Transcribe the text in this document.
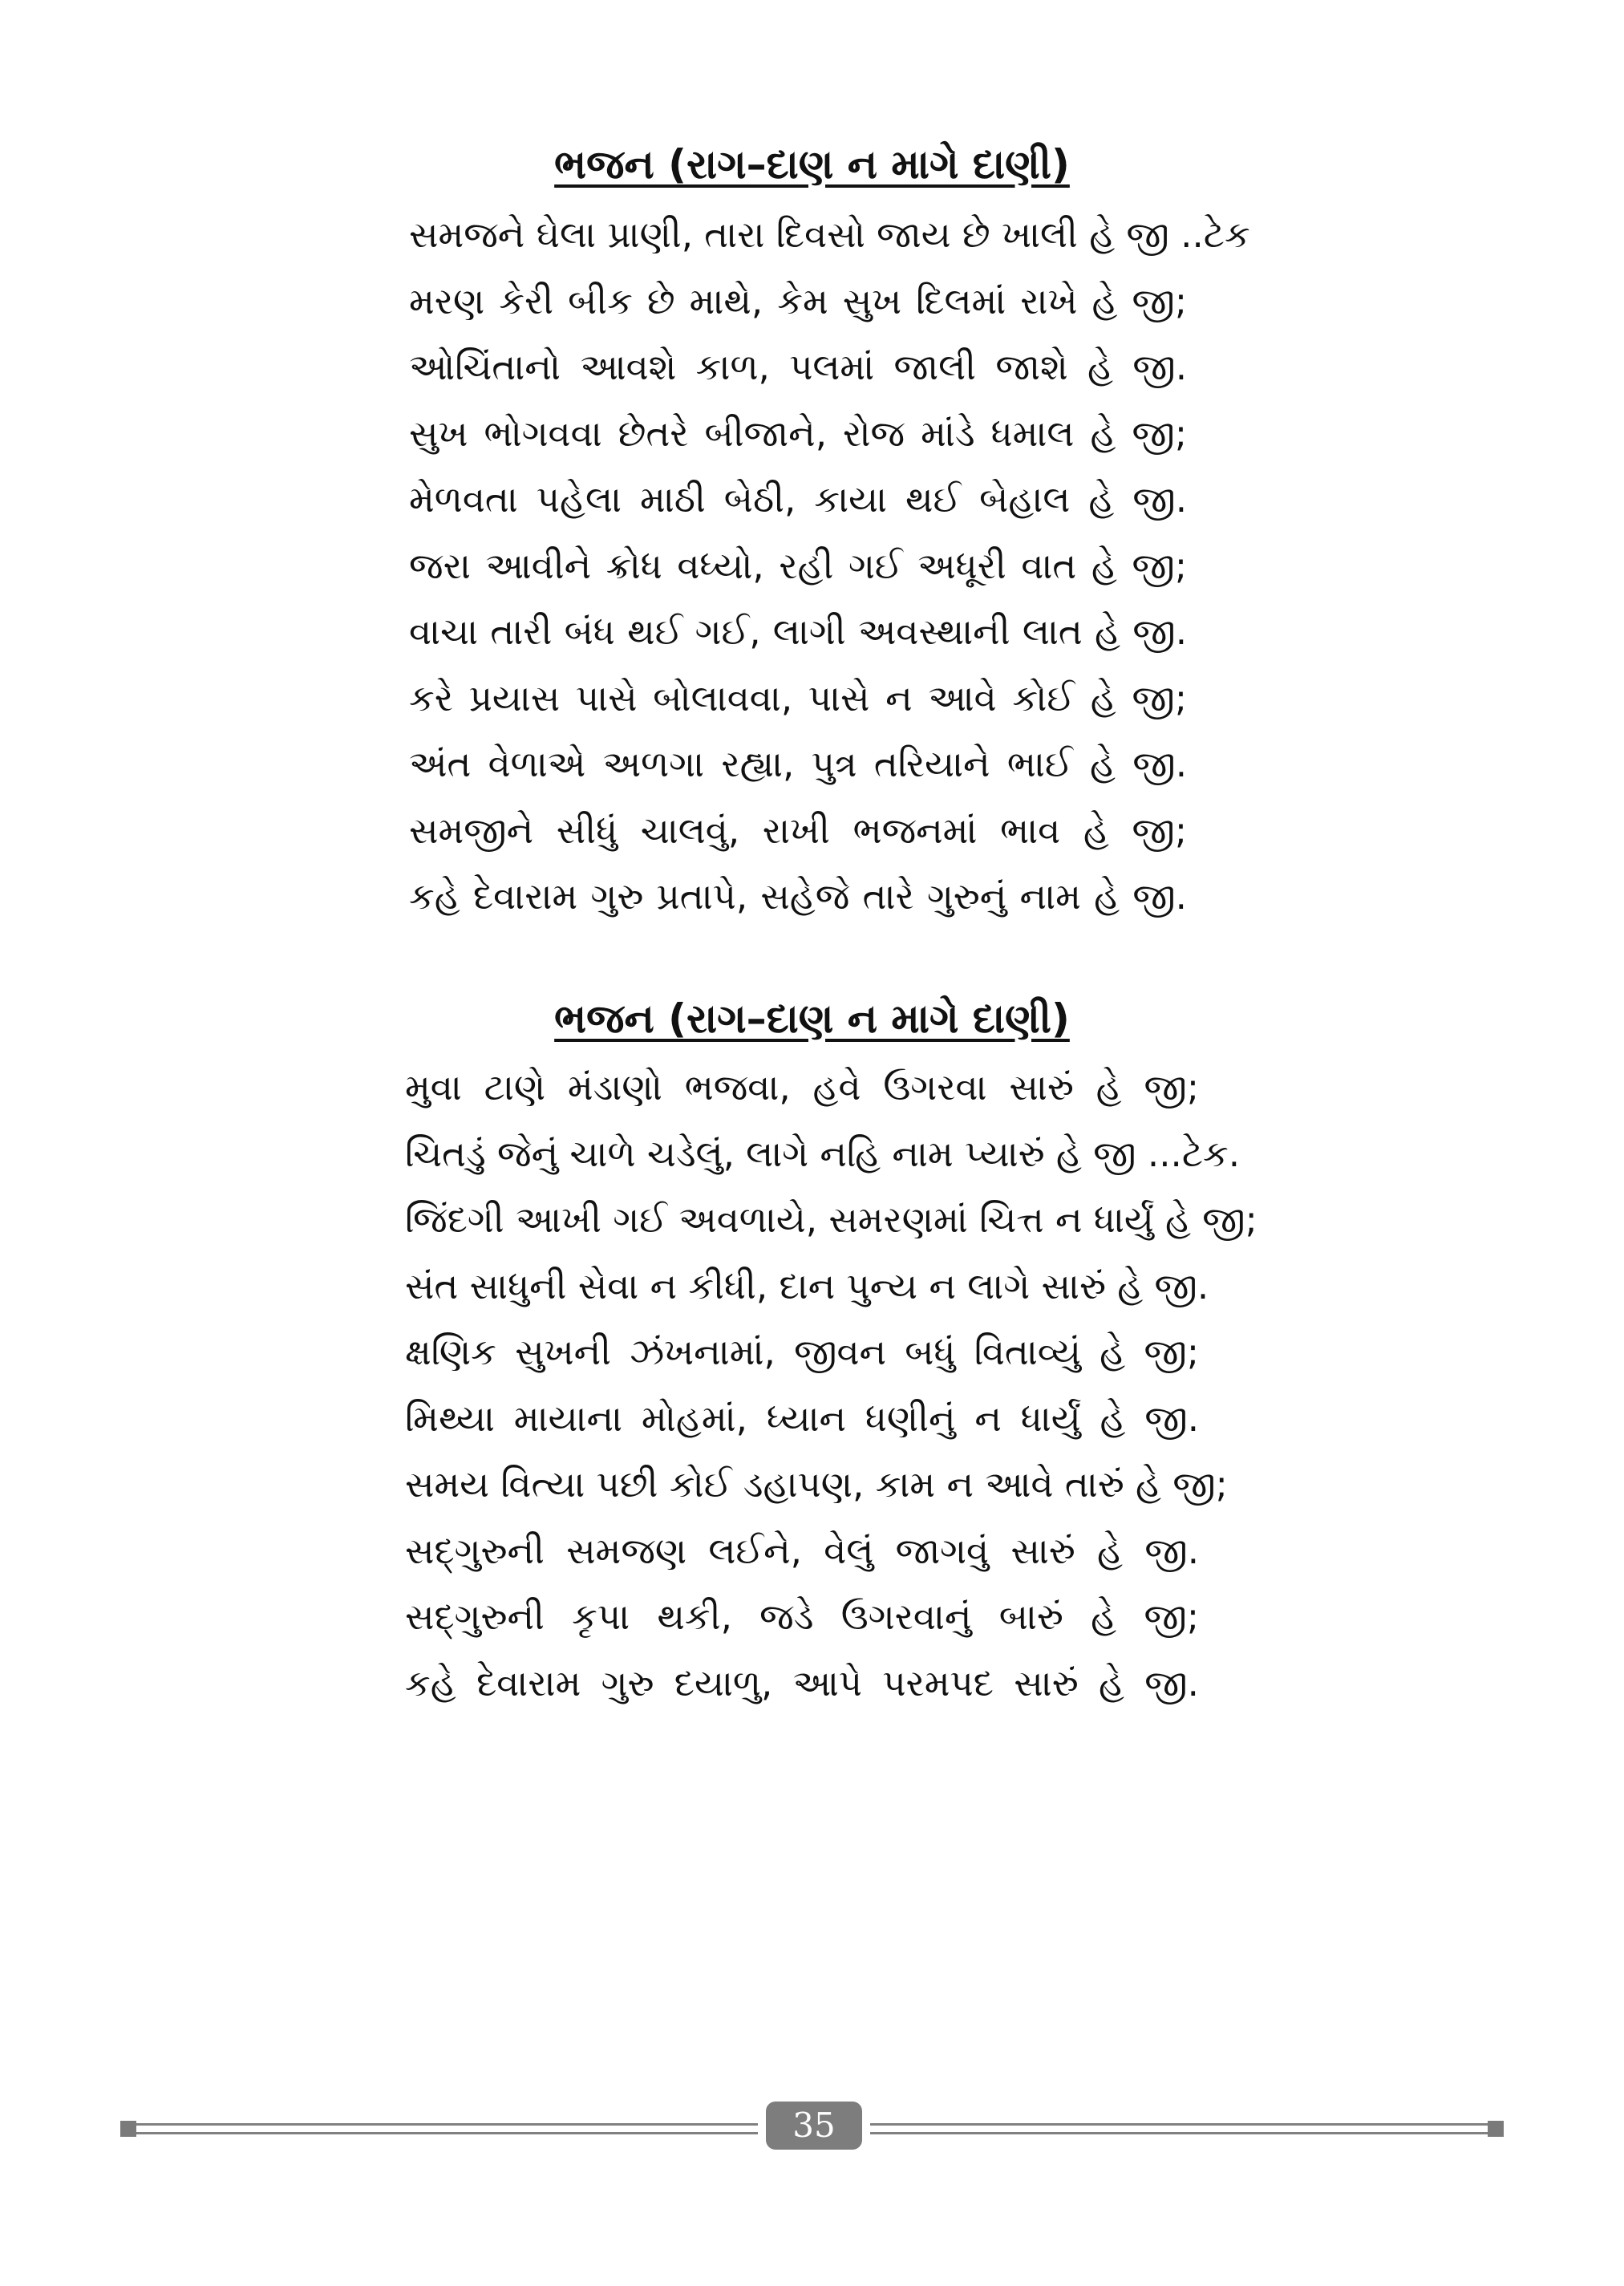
ભજન (રાગ–દાણ ન માગે દાણી)
સમજને ઘેલા પ્રાણી, તારા દિવસો જાય છે ખાલી હે જી ..ટેક
મરણ કેરી બીક છે માથે, કેમ સુખ દિલમાં રાખે હે જી;
ઓચિંતાનો આવશે કાળ, પલમાં જાલી જાશે હે જી.
સુખ ભોગવવા છેતરે બીજાને, રોજ માંડે ધમાલ હે જી;
મેળવતા પહેલા માઠી બેઠી, કાયા થઈ બેહાલ હે જી.
જરા આવીને ક્રોધ વધ્યો, રહી ગઈ અધૂરી વાત હે જી;
વાચા તારી બંધ થઈ ગઈ, લાગી અવસ્થાની લાત હે જી.
કરે પ્રયાસ પાસે બોલાવવા, પાસે ન આવે કોઈ હે જી;
અંત વેળાએ અળગા રહ્યા, પુત્ર તરિયાને ભાઈ હે જી.
સમજીને સીધું ચાલવું, રાખી ભજનમાં ભાવ હે જી;
કહે દેવારામ ગુરુ પ્રતાપે, સહેજે તારે ગુરુનું નામ હે જી.
ભજન (રાગ–દાણ ન માગે દાણી)
મુવા ટાણે મંડાણો ભજવા, હવે ઉગરવા સારું હે જી;
ચિતડું જેનું ચાળે ચડેલું, લાગે નહિ નામ પ્યારું હે જી ...ટેક.
જિંદગી આખી ગઈ અવળાયે, સમરણમાં ચિત્ત ન ધાર્યું હે જી;
સંત સાધુની સેવા ન કીધી, દાન પુન્ય ન લાગે સારું હે જી.
ક્ષણિક સુખની ઝંખનામાં, જીવન બધું વિતાવ્યું હે જી;
મિથ્યા માયાના મોહમાં, ધ્યાન ધણીનું ન ધાર્યું હે જી.
સમય વિત્યા પછી કોઈ ડહાપણ, કામ ન આવે તારું હે જી;
સદ્‌ગુરુની સમજણ લઈને, વેલું જાગવું સારું હે જી.
સદ્‌ગુરુની કૃપા થકી, જડે ઉગરવાનું બારું હે જી;
કહે દેવારામ ગુરુ દયાળુ, આપે પરમપદ સારું હે જી.
35
